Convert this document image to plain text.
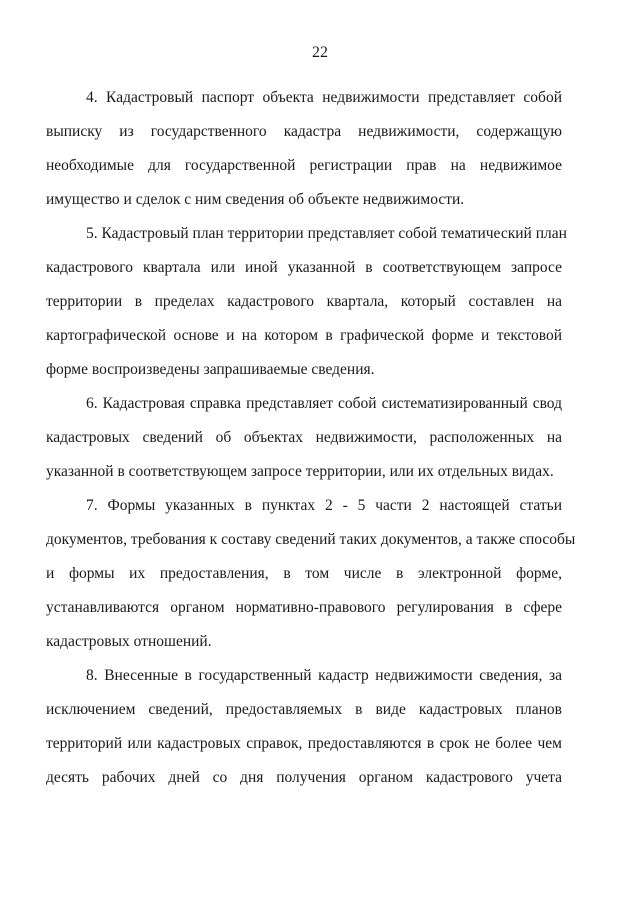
22
4. Кадастровый паспорт объекта недвижимости представляет собой
выписку из государственного кадастра недвижимости, содержащую
необходимые для государственной регистрации прав на недвижимое
имущество и сделок с ним сведения об объекте недвижимости.
5. Кадастровый план территории представляет собой тематический план
кадастрового квартала или иной указанной в соответствующем запросе
территории в пределах кадастрового квартала, который составлен на
картографической основе и на котором в графической форме и текстовой
форме воспроизведены запрашиваемые сведения.
6. Кадастровая справка представляет собой систематизированный свод
кадастровых сведений об объектах недвижимости, расположенных на
указанной в соответствующем запросе территории, или их отдельных видах.
7. Формы указанных в пунктах 2 - 5 части 2 настоящей статьи
документов, требования к составу сведений таких документов, а также способы
и формы их предоставления, в том числе в электронной форме,
устанавливаются органом нормативно-правового регулирования в сфере
кадастровых отношений.
8. Внесенные в государственный кадастр недвижимости сведения, за
исключением сведений, предоставляемых в виде кадастровых планов
территорий или кадастровых справок, предоставляются в срок не более чем
десять рабочих дней со дня получения органом кадастрового учета
